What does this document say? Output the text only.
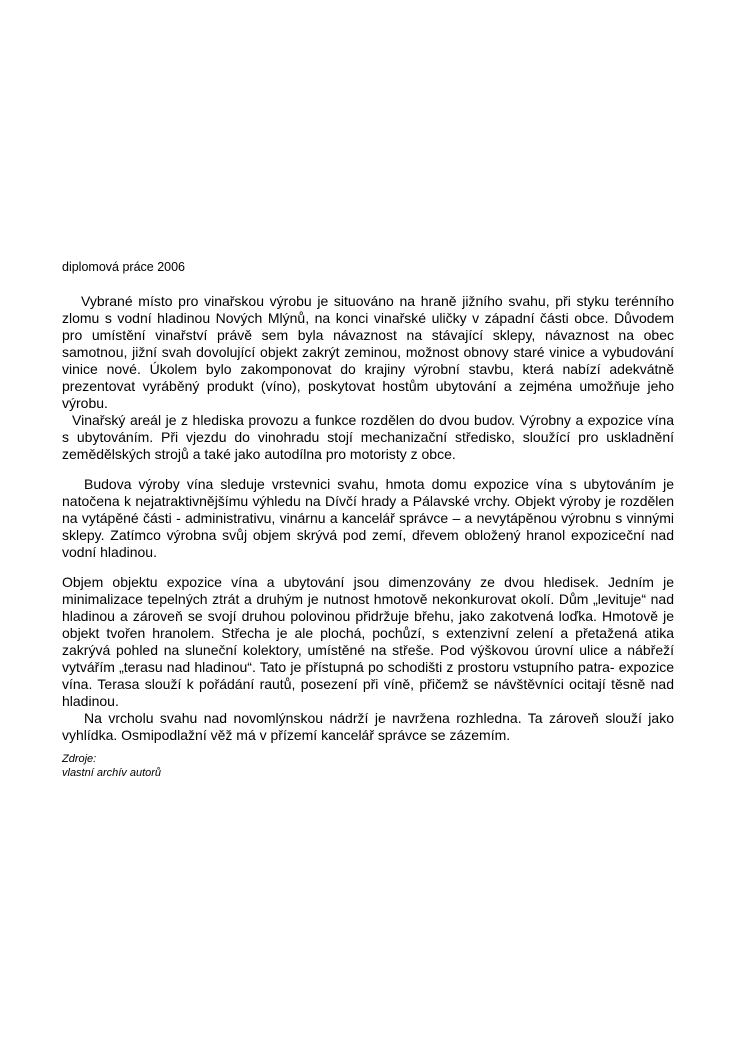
diplomová práce 2006

Vybrané místo pro vinařskou výrobu je situováno na hraně jižního svahu, při styku terénního zlomu s vodní hladinou Nových Mlýnů, na konci vinařské uličky v západní části obce. Důvodem pro umístění vinařství právě sem byla návaznost na stávající sklepy, návaznost na obec samotnou, jižní svah dovolující objekt zakrýt zeminou, možnost obnovy staré vinice a vybudování vinice nové. Úkolem bylo zakomponovat do krajiny výrobní stavbu, která nabízí adekvátně prezentovat vyráběný produkt (víno), poskytovat hostům ubytování a zejména umožňuje jeho výrobu.

Vinařský areál je z hlediska provozu a funkce rozdělen do dvou budov. Výrobny a expozice vína s ubytováním. Při vjezdu do vinohradu stojí mechanizační středisko, sloužící pro uskladnění zemědělských strojů a také jako autodílna pro motoristy z obce.

Budova výroby vína sleduje vrstevnici svahu, hmota domu expozice vína s ubytováním je natočena k nejatraktivnějšímu výhledu na Dívčí hrady a Pálavské vrchy. Objekt výroby je rozdělen na vytápěné části - administrativu, vinárnu a kancelář správce – a nevytápěnou výrobnu s vinnými sklepy. Zatímco výrobna svůj objem skrývá pod zemí, dřevem obložený hranol expoziceční nad vodní hladinou.

Objem objektu expozice vína a ubytování jsou dimenzovány ze dvou hledisek. Jedním je minimalizace tepelných ztrát a druhým je nutnost hmotově nekonkurovat okolí. Dům „levituje“ nad hladinou a zároveň se svojí druhou polovinou přidržuje břehu, jako zakotvená loďka. Hmotově je objekt tvořen hranolem. Střecha je ale plochá, pochůzí, s extenzivní zelení a přetažená atika zakrývá pohled na sluneční kolektory, umístěné na střeše. Pod výškovou úrovní ulice a nábřeží vytvářím „terasu nad hladinou“. Tato je přístupná po schodišti z prostoru vstupního patra- expozice vína. Terasa slouží k pořádání rautů, posezení při víně, přičemž se návštěvníci ocitají těsně nad hladinou.

Na vrcholu svahu nad novomlýnskou nádrží je navržena rozhledna. Ta zároveň slouží jako vyhlídka. Osmipodlažní věž má v přízemí kancelář správce se zázemím.

Zdroje:
vlastní archív autorů
